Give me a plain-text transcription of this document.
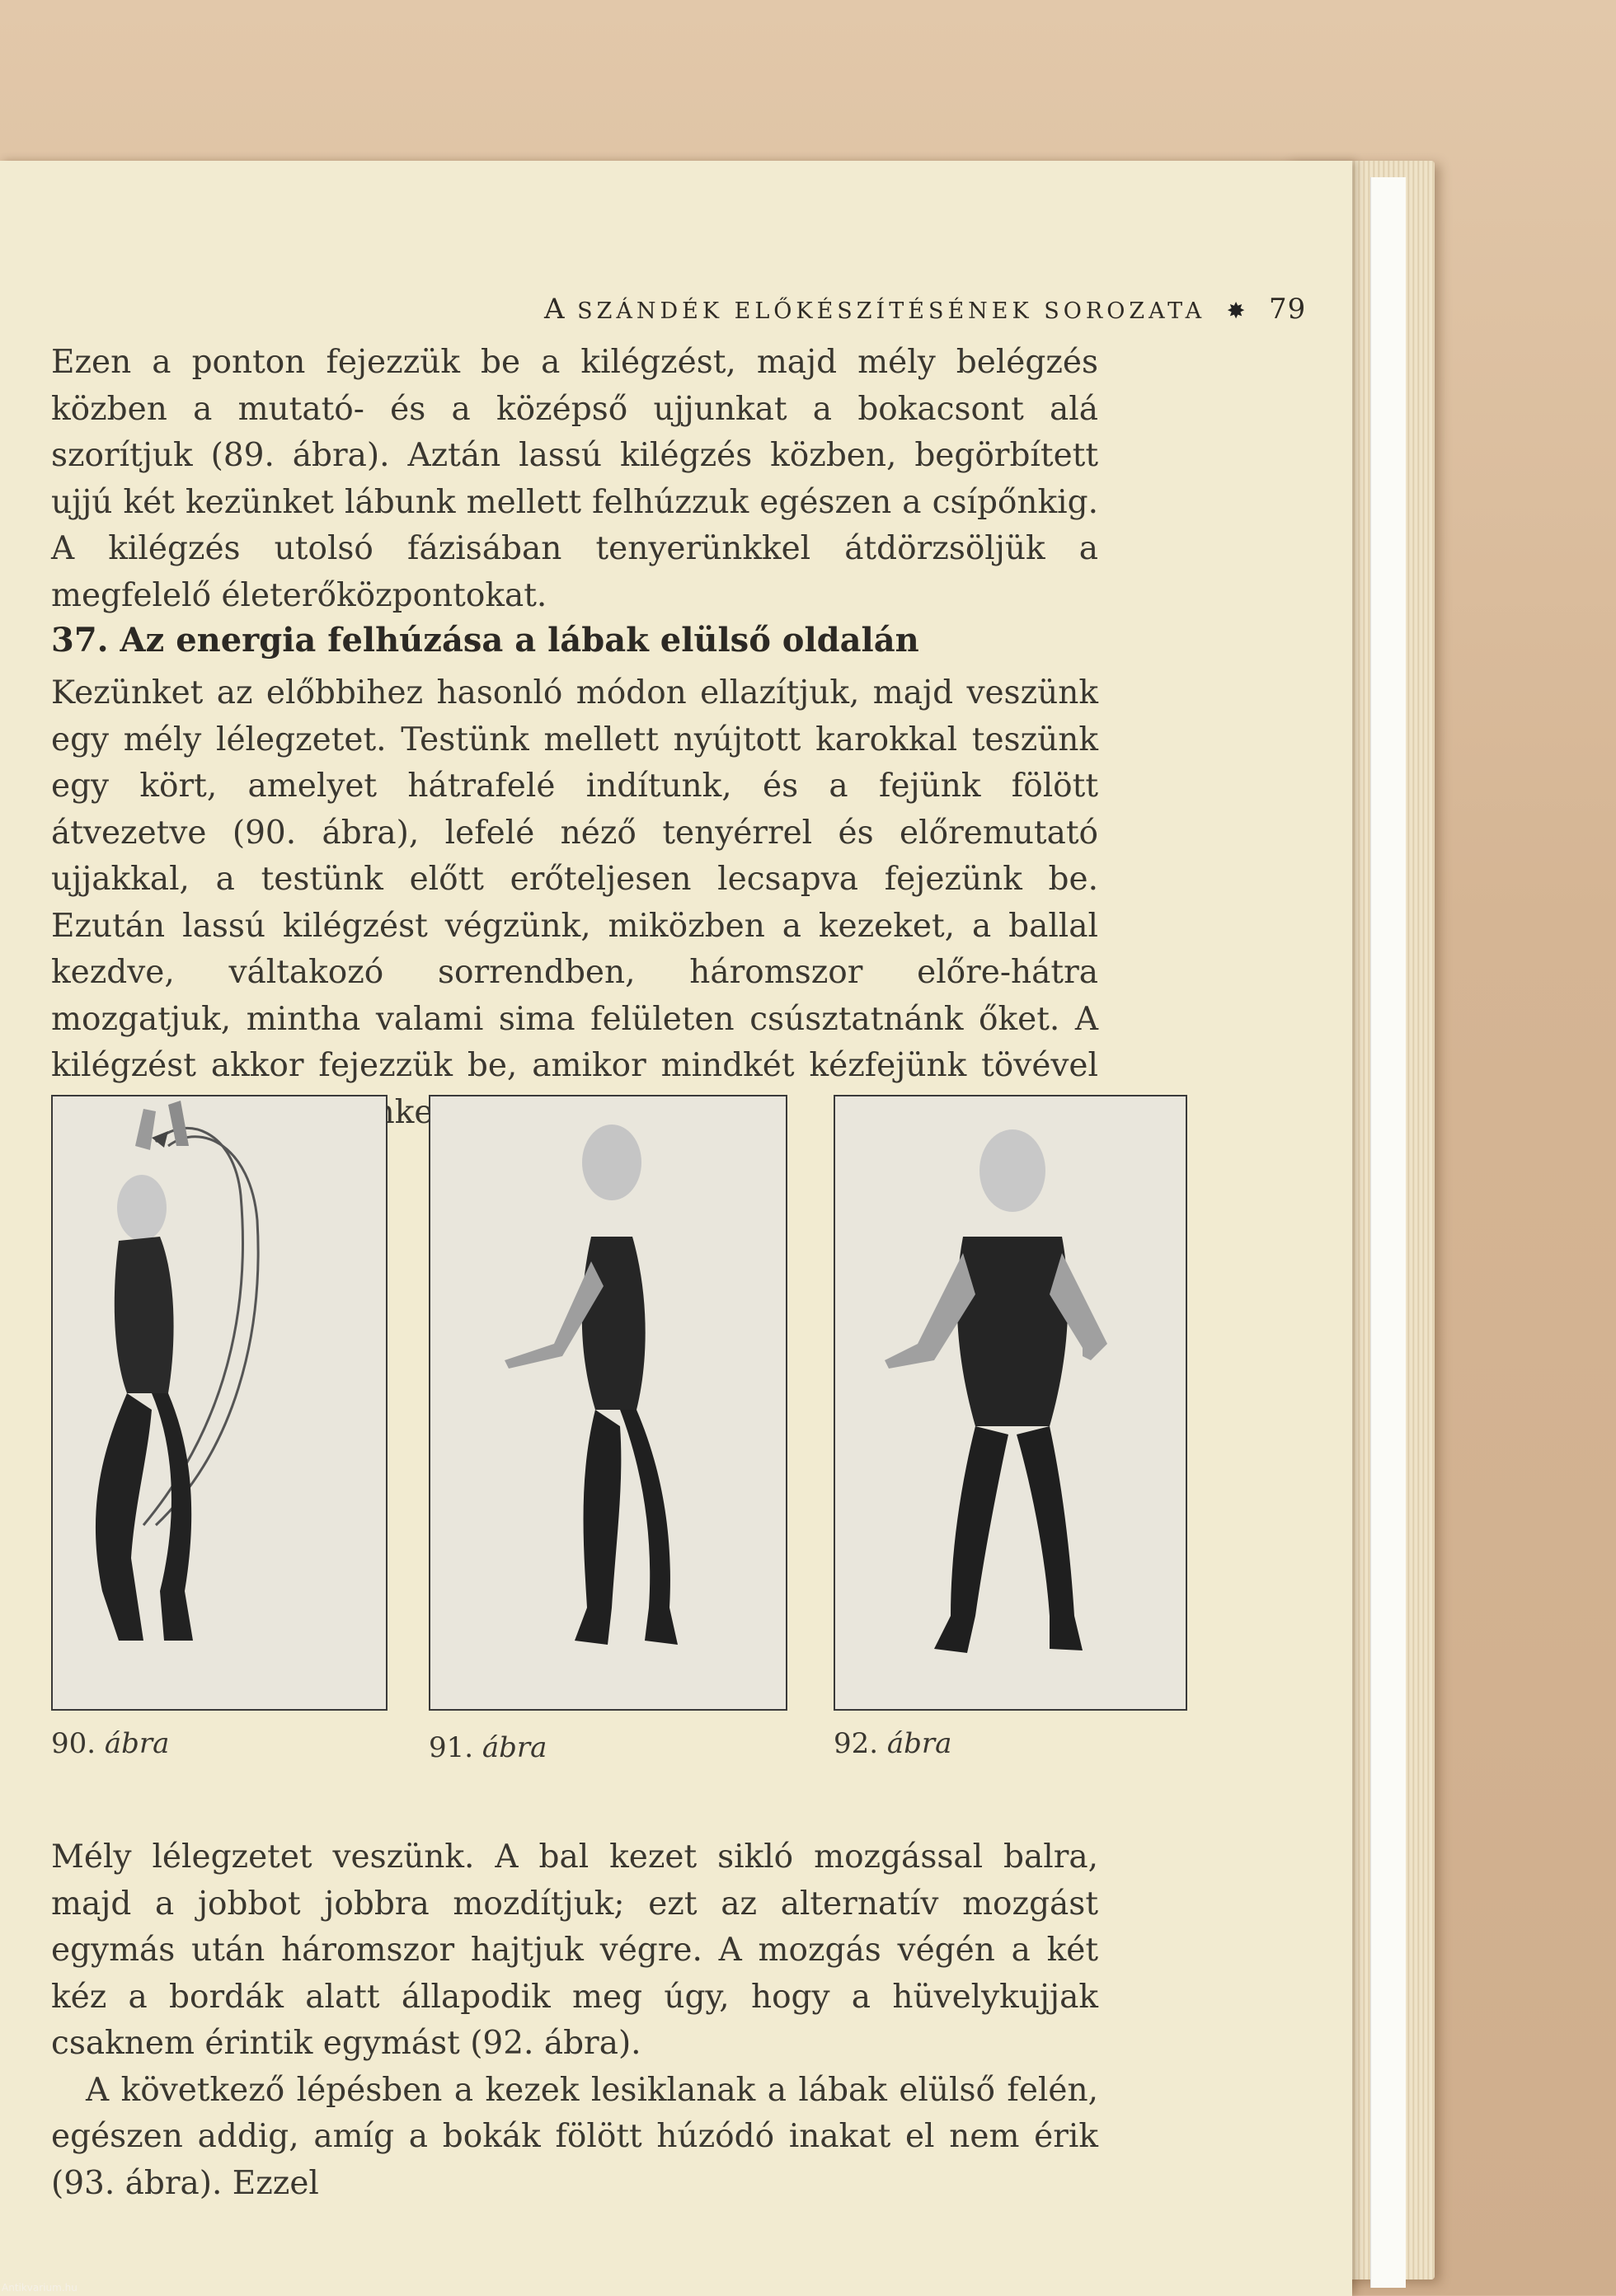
A SZÁNDÉK ELŐKÉSZÍTÉSÉNEK SOROZATA ✸ 79

Ezen a ponton fejezzük be a kilégzést, majd mély belégzés közben a mutató- és a középső ujjunkat a bokacsont alá szorítjuk (89. ábra). Aztán lassú kilégzés közben, begörbített ujjú két kezünket lábunk mellett felhúzzuk egészen a csípőnkig. A kilégzés utolsó fázisában tenyerünkkel átdörzsöljük a megfelelő életerőközpontokat.

37. Az energia felhúzása a lábak elülső oldalán

Kezünket az előbbihez hasonló módon ellazítjuk, majd veszünk egy mély lélegzetet. Testünk mellett nyújtott karokkal teszünk egy kört, amelyet hátrafelé indítunk, és a fejünk fölött átvezetve (90. ábra), lefelé néző tenyérrel és előremutató ujjakkal, a testünk előtt erőteljesen lecsapva fejezünk be. Ezután lassú kilégzést végzünk, miközben a kezeket, a ballal kezdve, váltakozó sorrendben, háromszor előre-hátra mozgatjuk, mintha valami sima felületen csúsztatnánk őket. A kilégzést akkor fejezzük be, amikor mindkét kézfejünk tövével

90. ábra	91. ábra	92. ábra

Mély lélegzetet veszünk. A bal kezet sikló mozgással balra, majd a jobbot jobbra mozdítjuk; ezt az alternatív mozgást egymás után háromszor hajtjuk végre. A mozgás végén a két kéz a bordák alatt állapodik meg úgy, hogy a hüvelykujjak csaknem érintik egymást (92. ábra).

A következő lépésben a kezek lesiklanak a lábak elülső felén, egészen addig, amíg a bokák fölött húzódó inakat el nem érik (93. ábra). Ezzel

Antikvarium.hu
